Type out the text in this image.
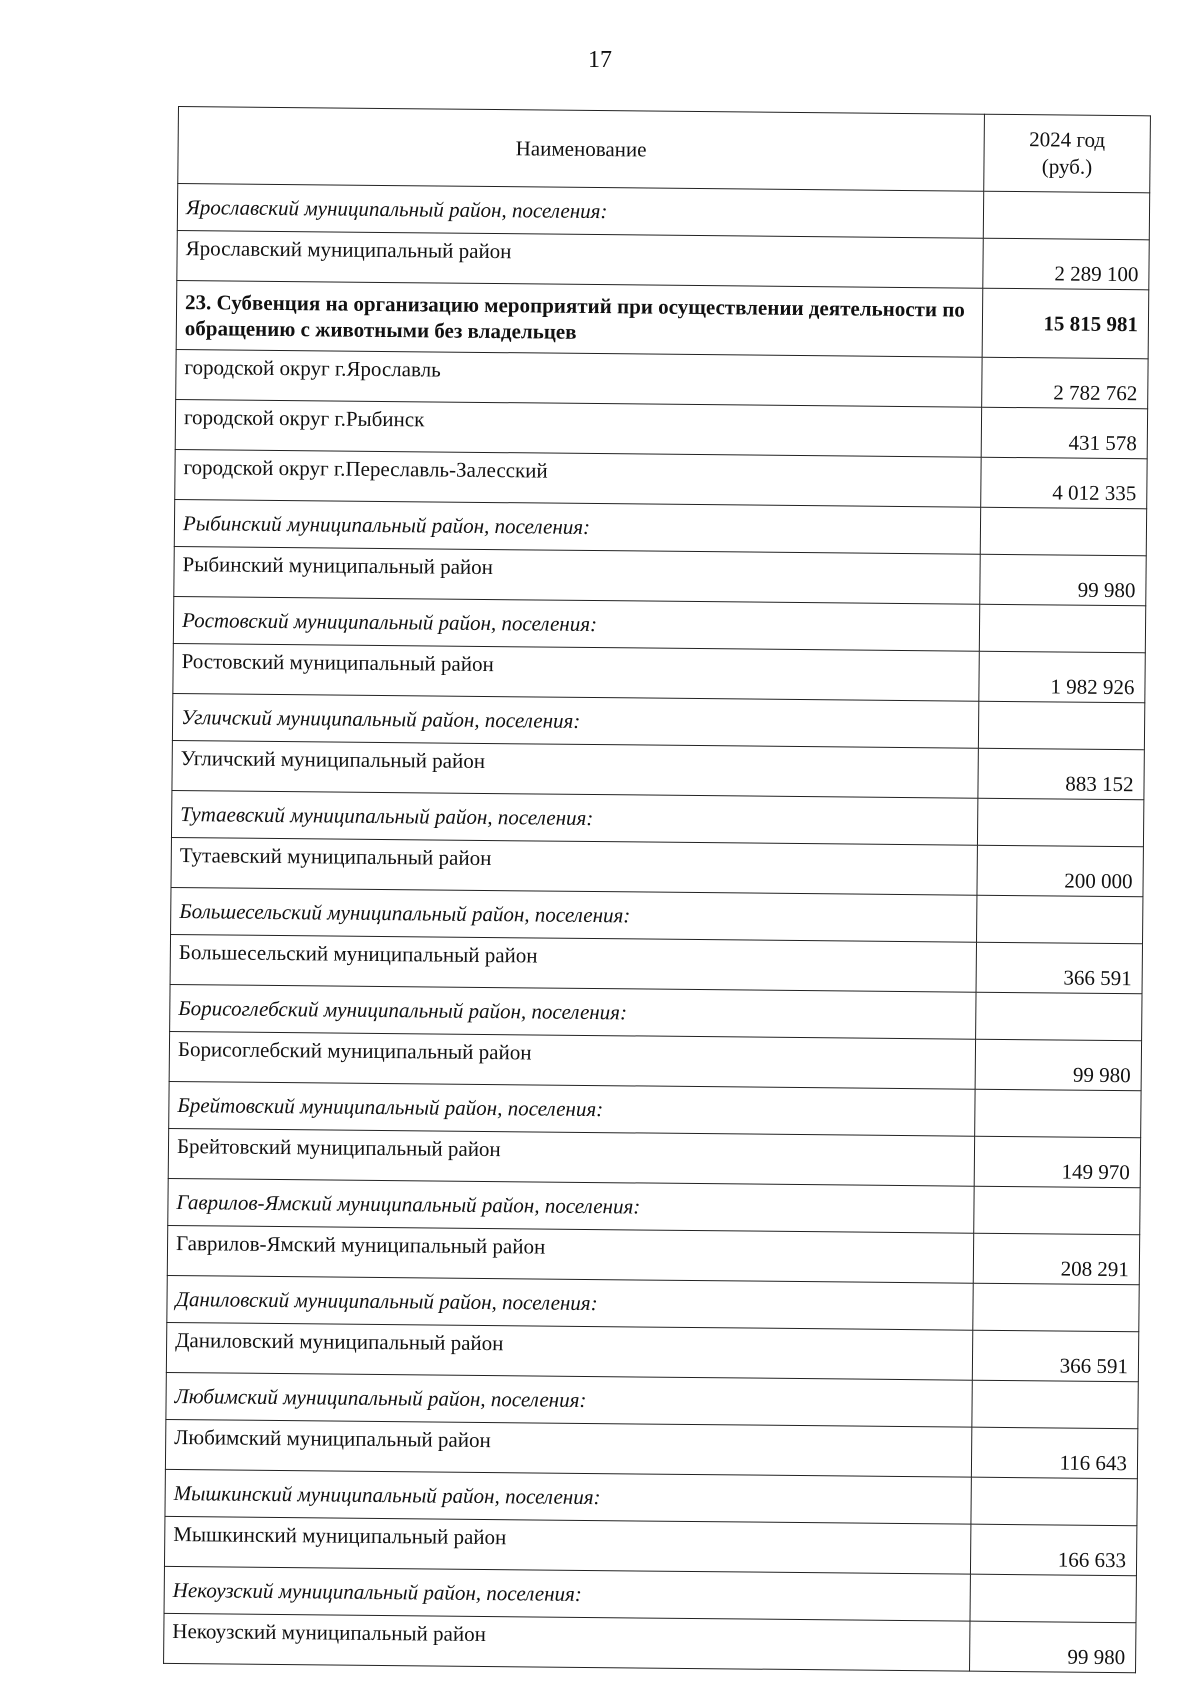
17
Наименование	2024 год
(руб.)
Ярославский муниципальный район, поселения:	
Ярославский муниципальный район	2 289 100
23. Субвенция на организацию мероприятий при осуществлении деятельности по обращению с животными без владельцев	15 815 981
городской округ г.Ярославль	2 782 762
городской округ г.Рыбинск	431 578
городской округ г.Переславль-Залесский	4 012 335
Рыбинский муниципальный район, поселения:	
Рыбинский муниципальный район	99 980
Ростовский муниципальный район, поселения:	
Ростовский муниципальный район	1 982 926
Угличский муниципальный район, поселения:	
Угличский муниципальный район	883 152
Тутаевский муниципальный район, поселения:	
Тутаевский муниципальный район	200 000
Большесельский муниципальный район, поселения:	
Большесельский муниципальный район	366 591
Борисоглебский муниципальный район, поселения:	
Борисоглебский муниципальный район	99 980
Брейтовский муниципальный район, поселения:	
Брейтовский муниципальный район	149 970
Гаврилов-Ямский муниципальный район, поселения:	
Гаврилов-Ямский муниципальный район	208 291
Даниловский муниципальный район, поселения:	
Даниловский муниципальный район	366 591
Любимский муниципальный район, поселения:	
Любимский муниципальный район	116 643
Мышкинский муниципальный район, поселения:	
Мышкинский муниципальный район	166 633
Некоузский муниципальный район, поселения:	
Некоузский муниципальный район	99 980
